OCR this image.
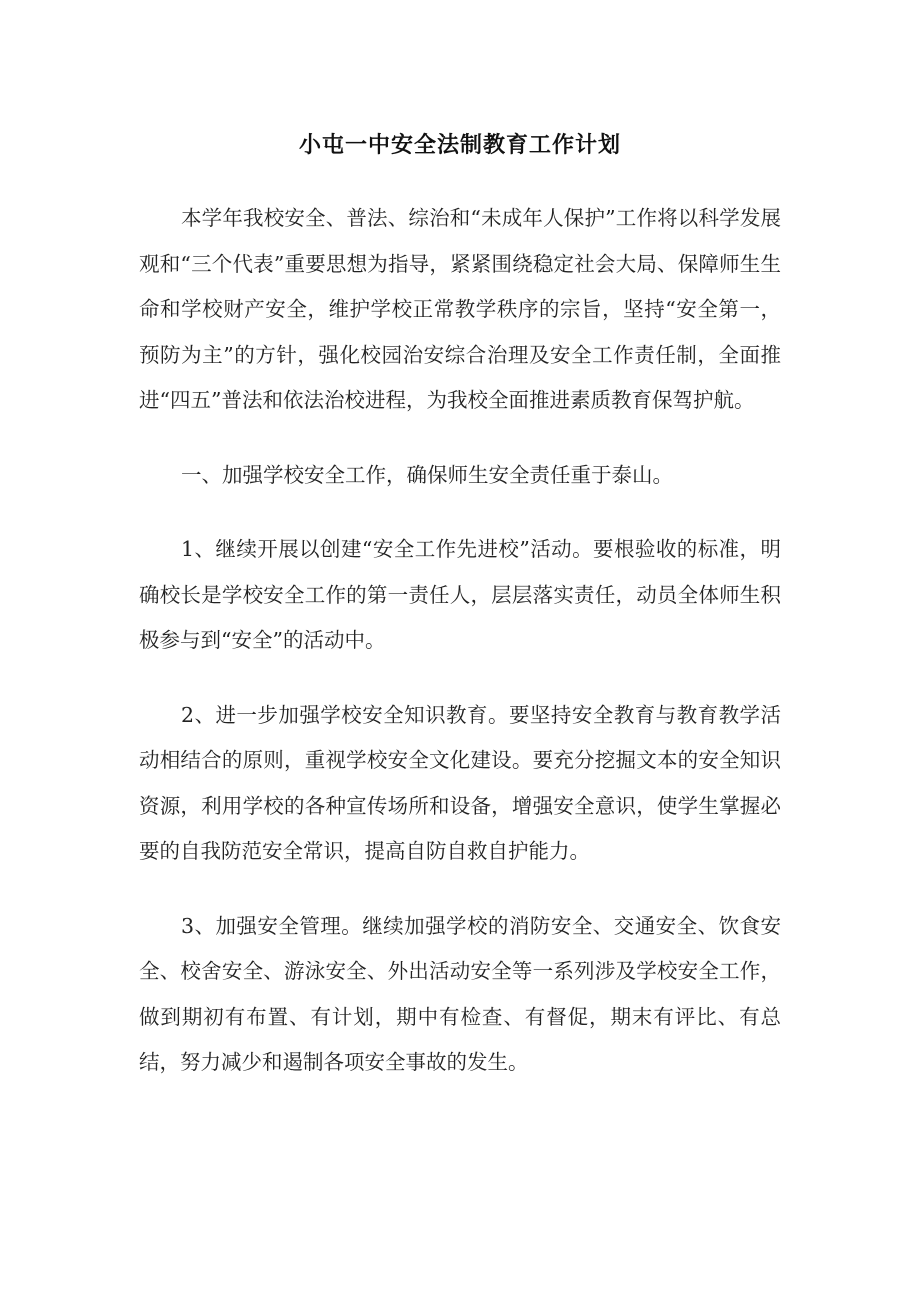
小屯一中安全法制教育工作计划

本学年我校安全、普法、综治和“未成年人保护”工作将以科学发展观和“三个代表”重要思想为指导，紧紧围绕稳定社会大局、保障师生生命和学校财产安全，维护学校正常教学秩序的宗旨，坚持“安全第一，预防为主”的方针，强化校园治安综合治理及安全工作责任制，全面推进“四五”普法和依法治校进程，为我校全面推进素质教育保驾护航。

一、加强学校安全工作，确保师生安全责任重于泰山。

1、继续开展以创建“安全工作先进校”活动。要根验收的标准，明确校长是学校安全工作的第一责任人，层层落实责任，动员全体师生积极参与到“安全”的活动中。

2、进一步加强学校安全知识教育。要坚持安全教育与教育教学活动相结合的原则，重视学校安全文化建设。要充分挖掘文本的安全知识资源，利用学校的各种宣传场所和设备，增强安全意识，使学生掌握必要的自我防范安全常识，提高自防自救自护能力。

3、加强安全管理。继续加强学校的消防安全、交通安全、饮食安全、校舍安全、游泳安全、外出活动安全等一系列涉及学校安全工作，做到期初有布置、有计划，期中有检查、有督促，期末有评比、有总结，努力减少和遏制各项安全事故的发生。
